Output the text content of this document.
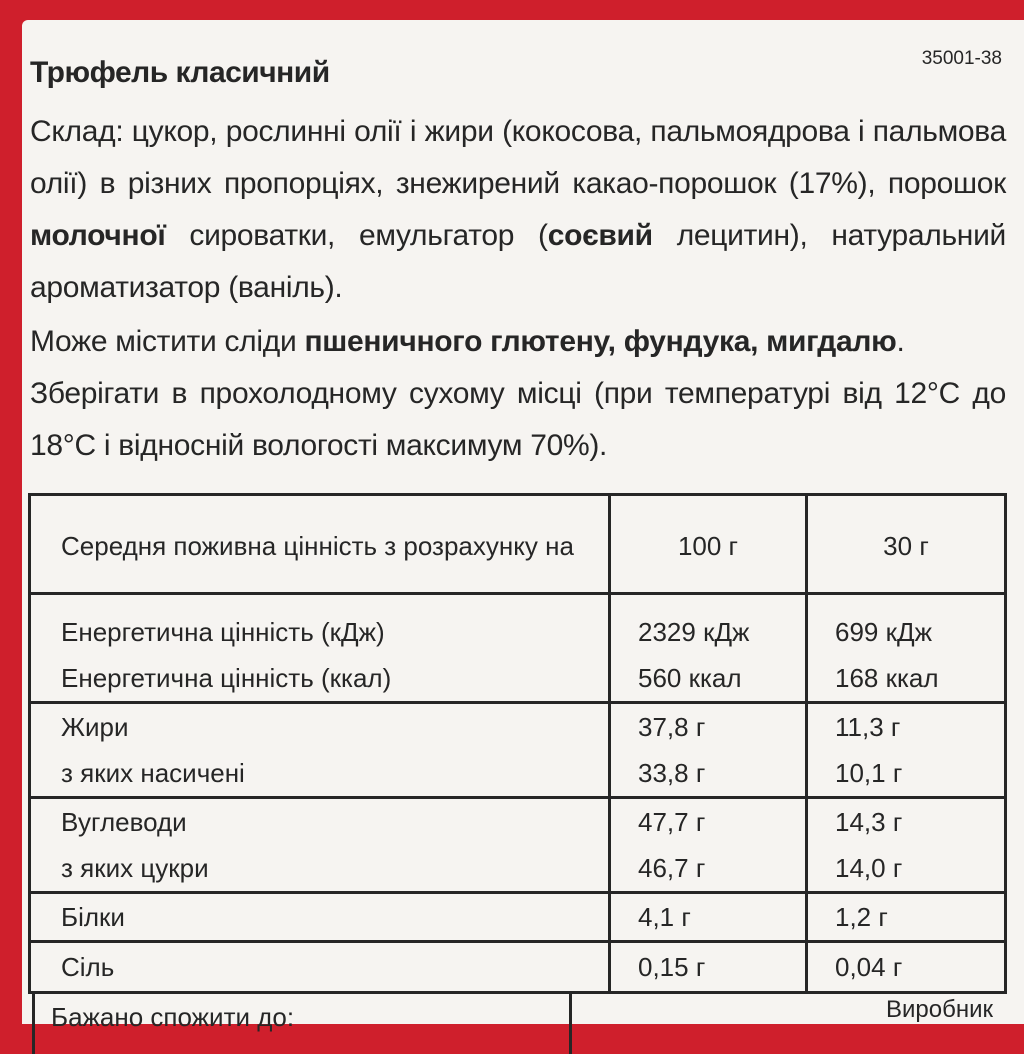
Трюфель класичний	35001-38
Склад: цукор, рослинні олії і жири (кокосова, пальмоядрова і пальмова олії) в різних пропорціях, знежирений какао-порошок (17%), порошок молочної сироватки, емульгатор (соєвий лецитин), натуральний ароматизатор (ваніль).
Може містити сліди пшеничного глютену, фундука, мигдалю.
Зберігати в прохолодному сухому місці (при температурі від 12°С до 18°С і відносній вологості максимум 70%).
Середня поживна цінність з розрахунку на	100 г	30 г
Енергетична цінність (кДж)	2329 кДж	699 кДж
Енергетична цінність (ккал)	560 ккал	168 ккал
Жири	37,8 г	11,3 г
з яких насичені	33,8 г	10,1 г
Вуглеводи	47,7 г	14,3 г
з яких цукри	46,7 г	14,0 г
Білки	4,1 г	1,2 г
Сіль	0,15 г	0,04 г
Бажано спожити до:	Виробник
